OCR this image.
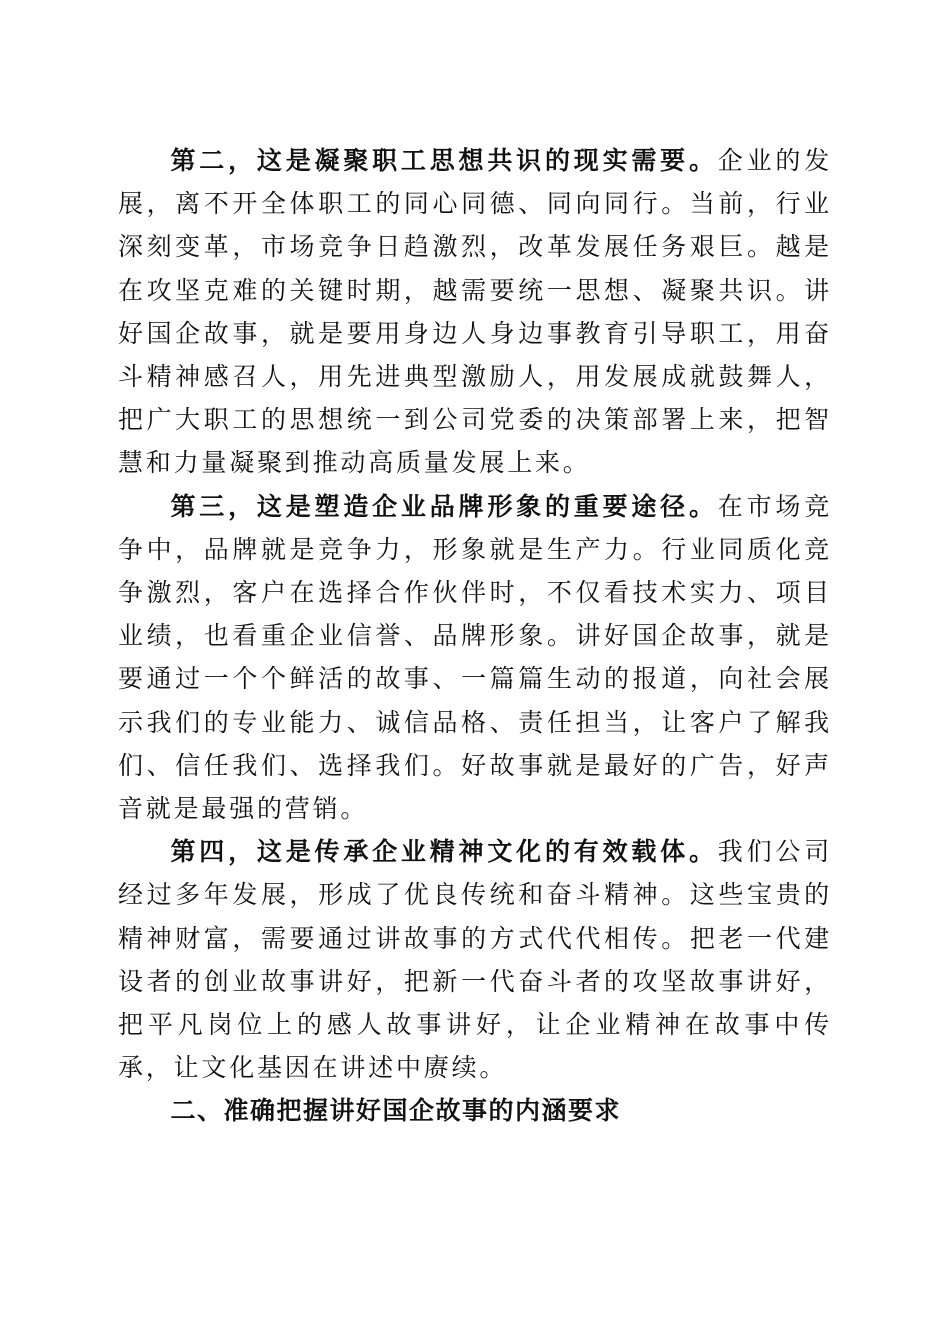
第二，这是凝聚职工思想共识的现实需要。企业的发展，离不开全体职工的同心同德、同向同行。当前，行业深刻变革，市场竞争日趋激烈，改革发展任务艰巨。越是在攻坚克难的关键时期，越需要统一思想、凝聚共识。讲好国企故事，就是要用身边人身边事教育引导职工，用奋斗精神感召人，用先进典型激励人，用发展成就鼓舞人，把广大职工的思想统一到公司党委的决策部署上来，把智慧和力量凝聚到推动高质量发展上来。

第三，这是塑造企业品牌形象的重要途径。在市场竞争中，品牌就是竞争力，形象就是生产力。行业同质化竞争激烈，客户在选择合作伙伴时，不仅看技术实力、项目业绩，也看重企业信誉、品牌形象。讲好国企故事，就是要通过一个个鲜活的故事、一篇篇生动的报道，向社会展示我们的专业能力、诚信品格、责任担当，让客户了解我们、信任我们、选择我们。好故事就是最好的广告，好声音就是最强的营销。

第四，这是传承企业精神文化的有效载体。我们公司经过多年发展，形成了优良传统和奋斗精神。这些宝贵的精神财富，需要通过讲故事的方式代代相传。把老一代建设者的创业故事讲好，把新一代奋斗者的攻坚故事讲好，把平凡岗位上的感人故事讲好，让企业精神在故事中传承，让文化基因在讲述中赓续。

二、准确把握讲好国企故事的内涵要求
